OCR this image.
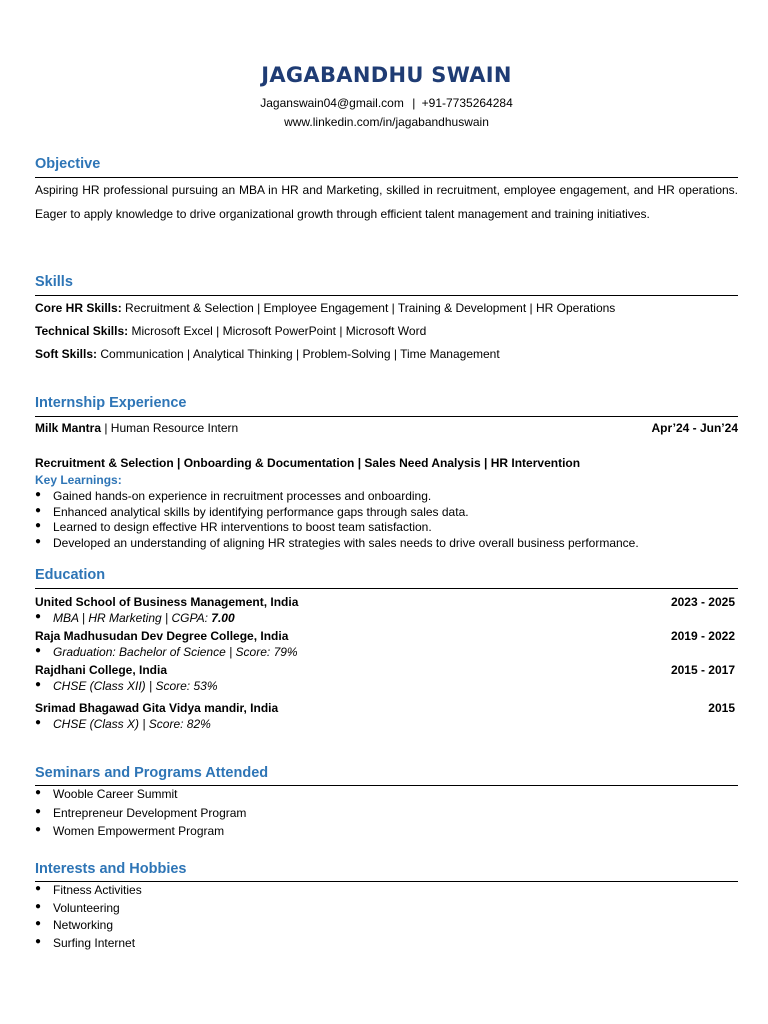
JAGABANDHU SWAIN
Jaganswain04@gmail.com | +91-7735264284
www.linkedin.com/in/jagabandhuswain
Objective
Aspiring HR professional pursuing an MBA in HR and Marketing, skilled in recruitment, employee engagement, and HR operations. Eager to apply knowledge to drive organizational growth through efficient talent management and training initiatives.
Skills
Core HR Skills: Recruitment & Selection | Employee Engagement | Training & Development | HR Operations
Technical Skills: Microsoft Excel | Microsoft PowerPoint | Microsoft Word
Soft Skills: Communication | Analytical Thinking | Problem-Solving | Time Management
Internship Experience
Milk Mantra | Human Resource Intern	Apr’24 - Jun’24
Recruitment & Selection | Onboarding & Documentation | Sales Need Analysis | HR Intervention
Key Learnings:
● Gained hands-on experience in recruitment processes and onboarding.
● Enhanced analytical skills by identifying performance gaps through sales data.
● Learned to design effective HR interventions to boost team satisfaction.
● Developed an understanding of aligning HR strategies with sales needs to drive overall business performance.
Education
United School of Business Management, India	2023 - 2025
● MBA | HR Marketing | CGPA: 7.00
Raja Madhusudan Dev Degree College, India	2019 - 2022
● Graduation: Bachelor of Science | Score: 79%
Rajdhani College, India	2015 - 2017
● CHSE (Class XII) | Score: 53%
Srimad Bhagawad Gita Vidya mandir, India	2015
● CHSE (Class X) | Score: 82%
Seminars and Programs Attended
● Wooble Career Summit
● Entrepreneur Development Program
● Women Empowerment Program
Interests and Hobbies
● Fitness Activities
● Volunteering
● Networking
● Surfing Internet
